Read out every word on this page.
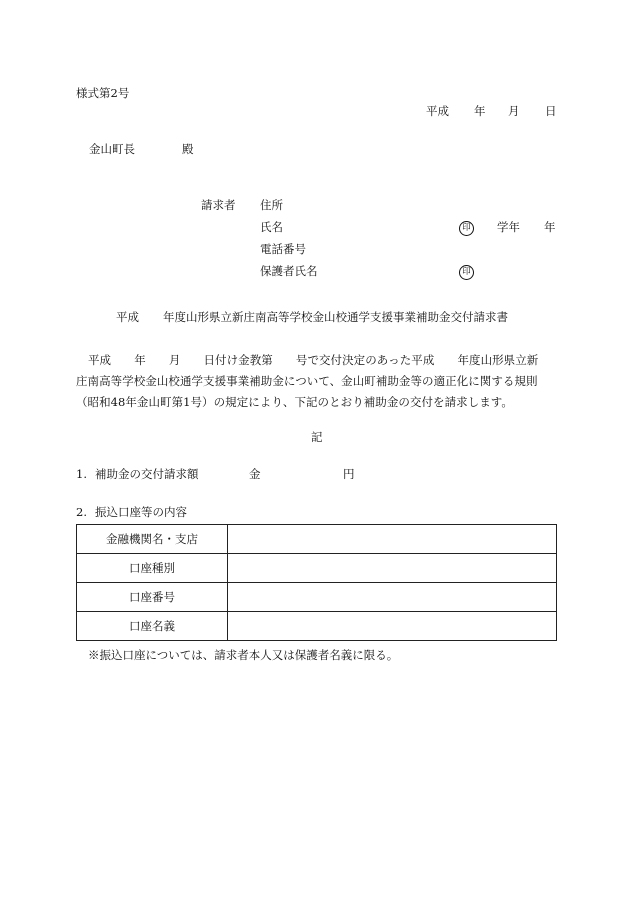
様式第2号
平成 年 月 日
金山町長	殿
請求者 住所
氏名	印 学年 年
電話番号
保護者氏名	印
平成 年度山形県立新庄南高等学校金山校通学支援事業補助金交付請求書
平成　　年　　月　　日付け金教第　　号で交付決定のあった平成　　年度山形県立新
庄南高等学校金山校通学支援事業補助金について、金山町補助金等の適正化に関する規則
（昭和48年金山町第1号）の規定により、下記のとおり補助金の交付を請求します。
記
1. 補助金の交付請求額	金	円
2. 振込口座等の内容
金融機関名・支店	
口座種別	
口座番号	
口座名義	
※振込口座については、請求者本人又は保護者名義に限る。
